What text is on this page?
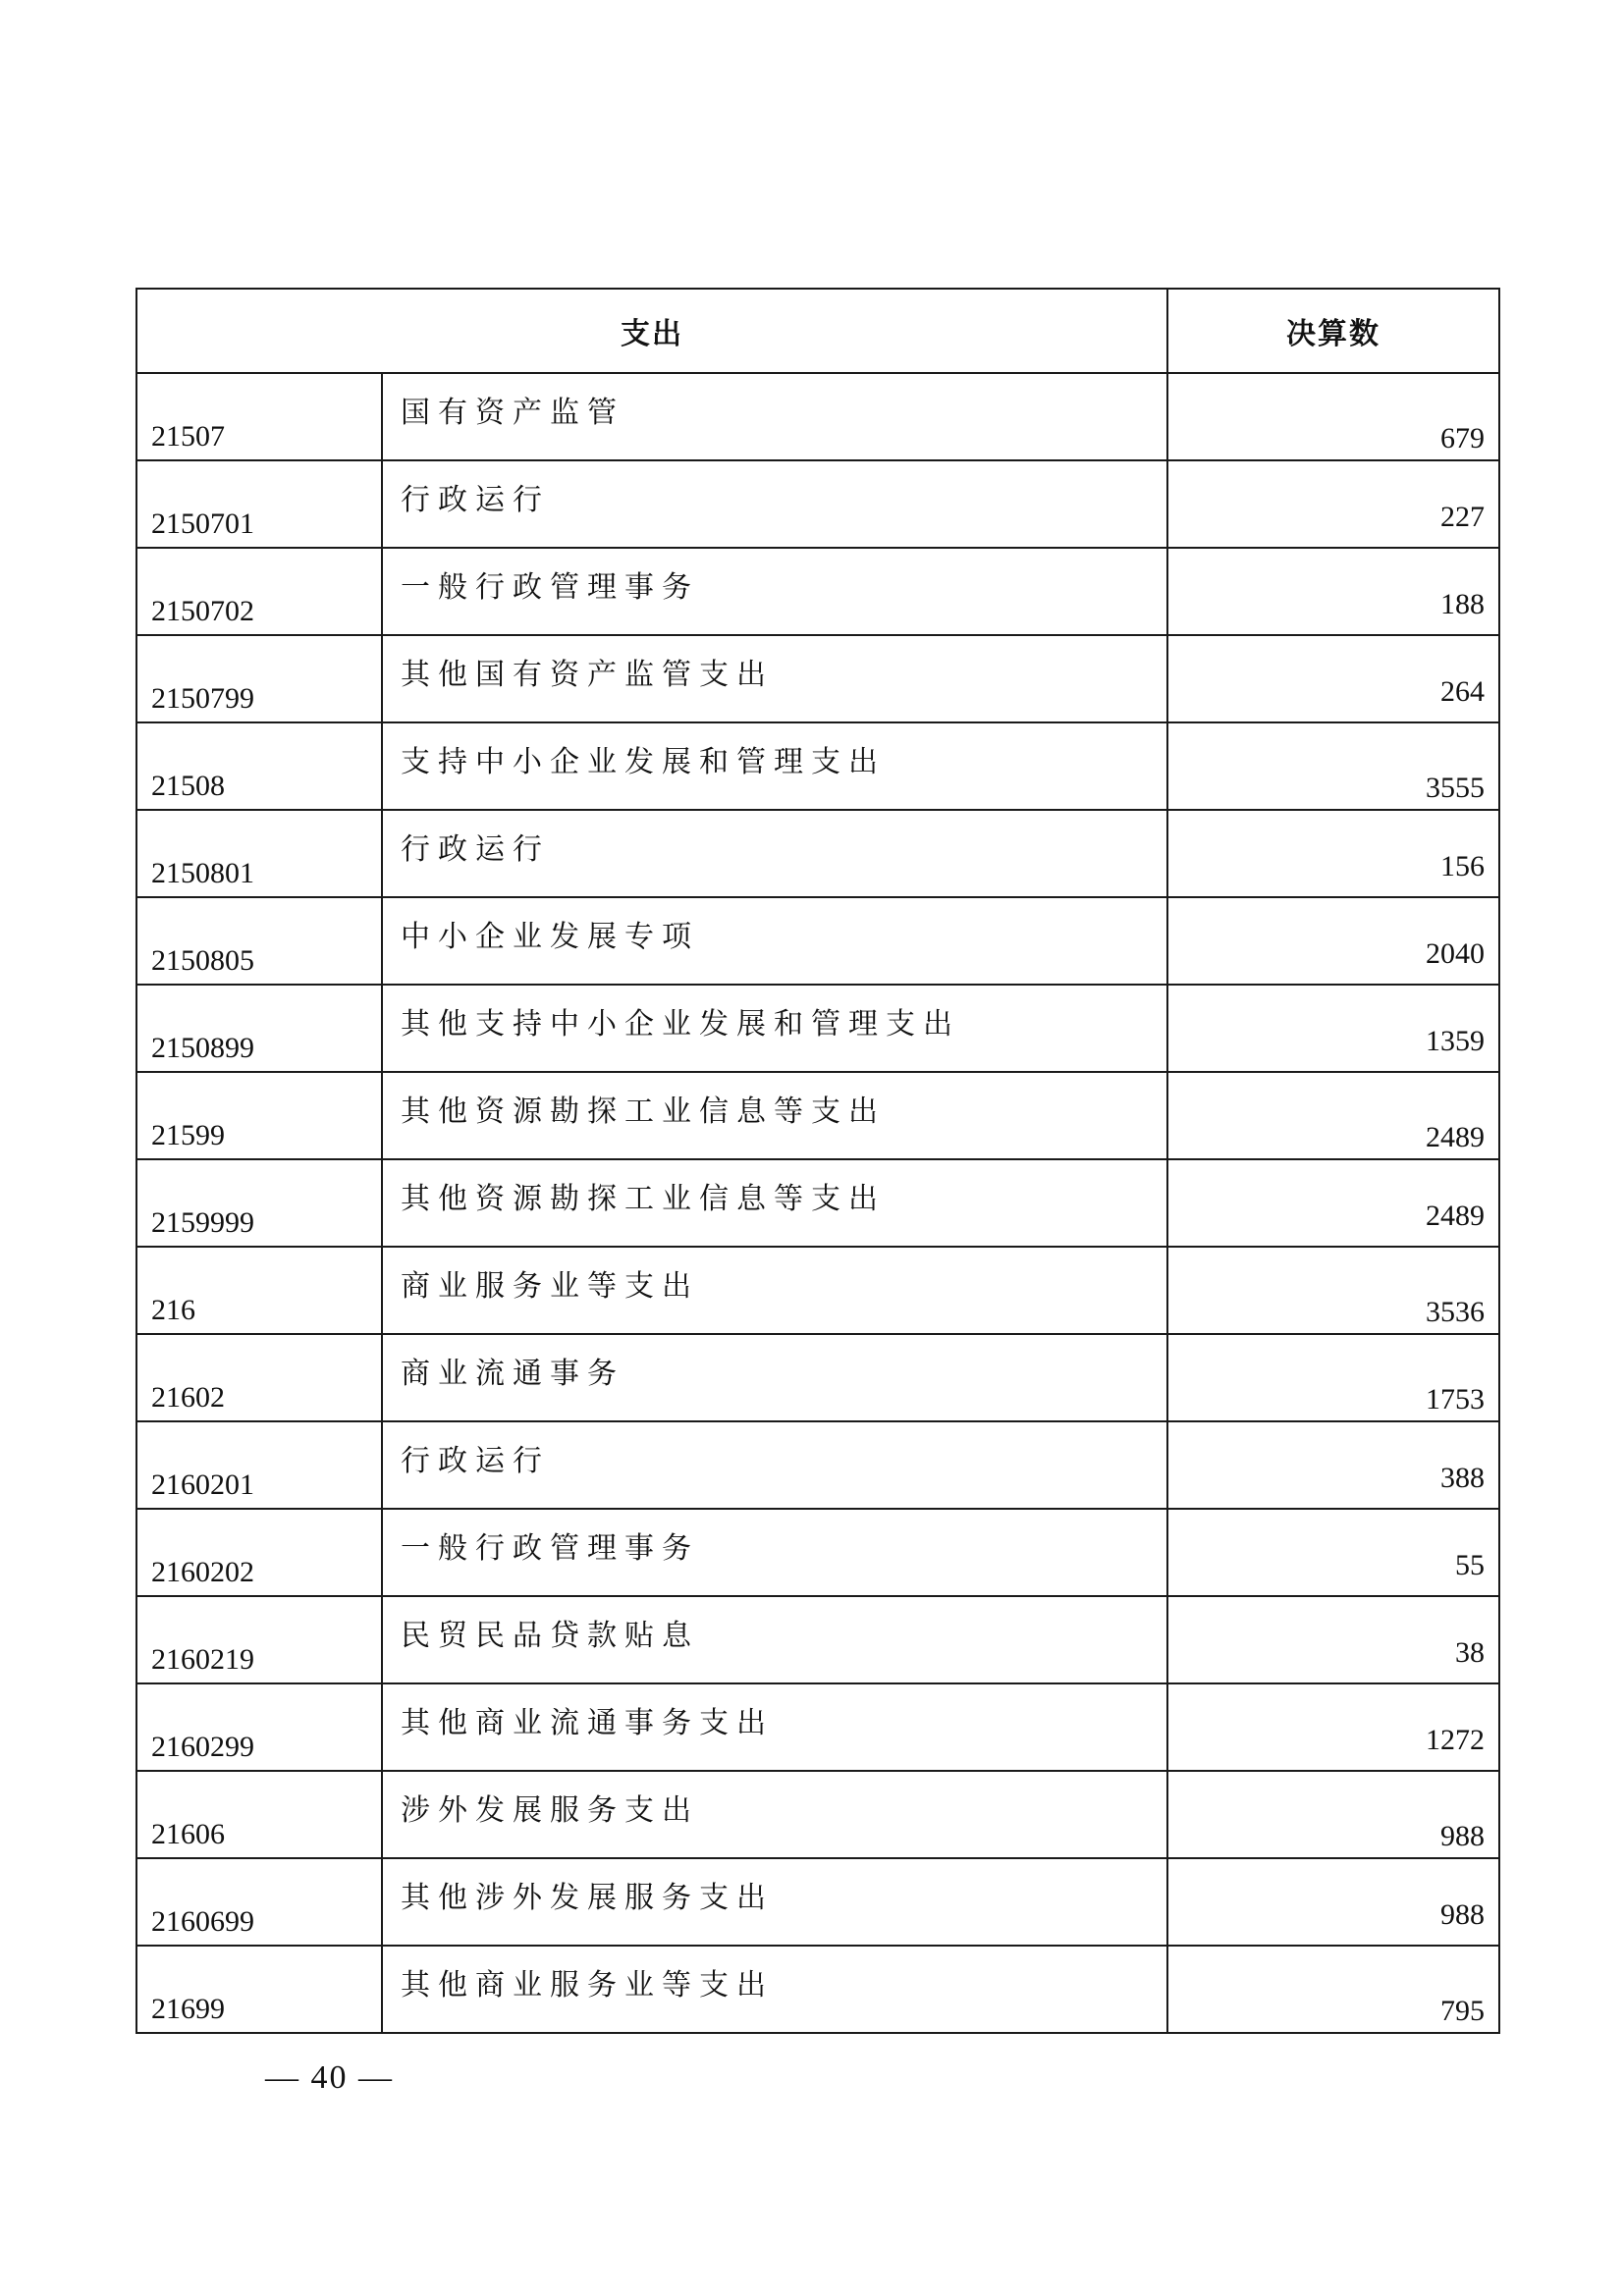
支出		决算数

21507	国有资产监管	679

2150701	行政运行	227

2150702	一般行政管理事务	188

2150799	其他国有资产监管支出	264

21508	支持中小企业发展和管理支出	3555

2150801	行政运行	156

2150805	中小企业发展专项	2040

2150899	其他支持中小企业发展和管理支出	1359

21599	其他资源勘探工业信息等支出	2489

2159999	其他资源勘探工业信息等支出	2489

216	商业服务业等支出	3536

21602	商业流通事务	1753

2160201	行政运行	388

2160202	一般行政管理事务	55

2160219	民贸民品贷款贴息	38

2160299	其他商业流通事务支出	1272

21606	涉外发展服务支出	988

2160699	其他涉外发展服务支出	988

21699	其他商业服务业等支出	795
— 40 —
